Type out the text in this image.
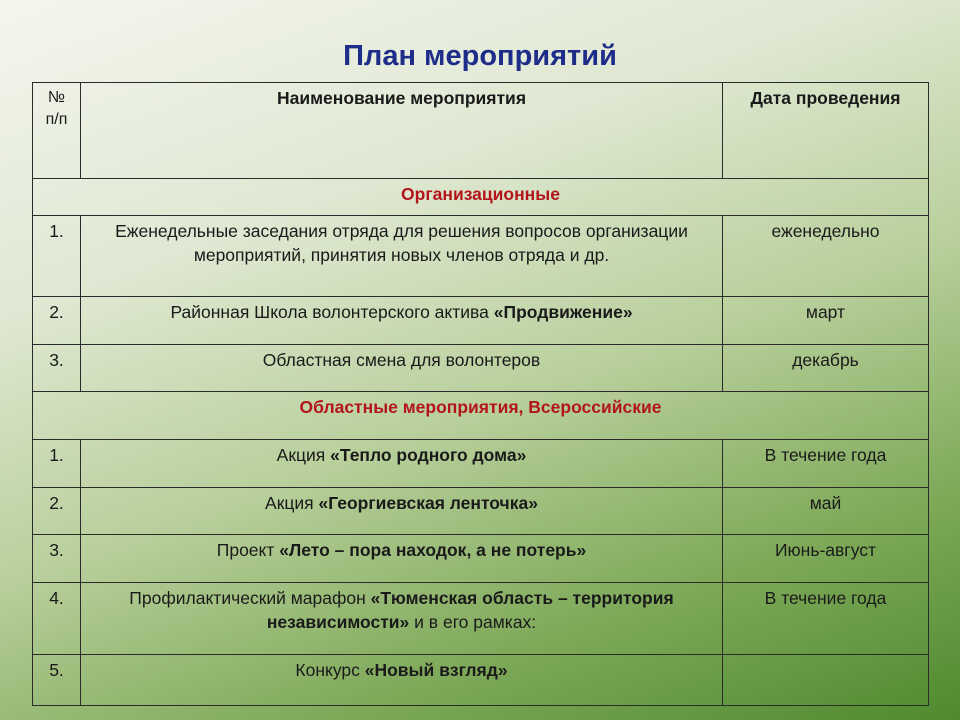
План мероприятий
№ п/п	Наименование мероприятия	Дата проведения
Организационные		
1.	Еженедельные заседания отряда для решения вопросов организации мероприятий, принятия новых членов отряда и др.	еженедельно
2.	Районная Школа волонтерского актива «Продвижение»	март
3.	Областная смена для волонтеров	декабрь
Областные мероприятия, Всероссийские		
1.	Акция «Тепло родного дома»	В течение года
2.	Акция «Георгиевская ленточка»	май
3.	Проект «Лето – пора находок, а не потерь»	Июнь-август
4.	Профилактический марафон «Тюменская область – территория независимости» и в его рамках:	В течение года
5.	Конкурс «Новый взгляд»	
